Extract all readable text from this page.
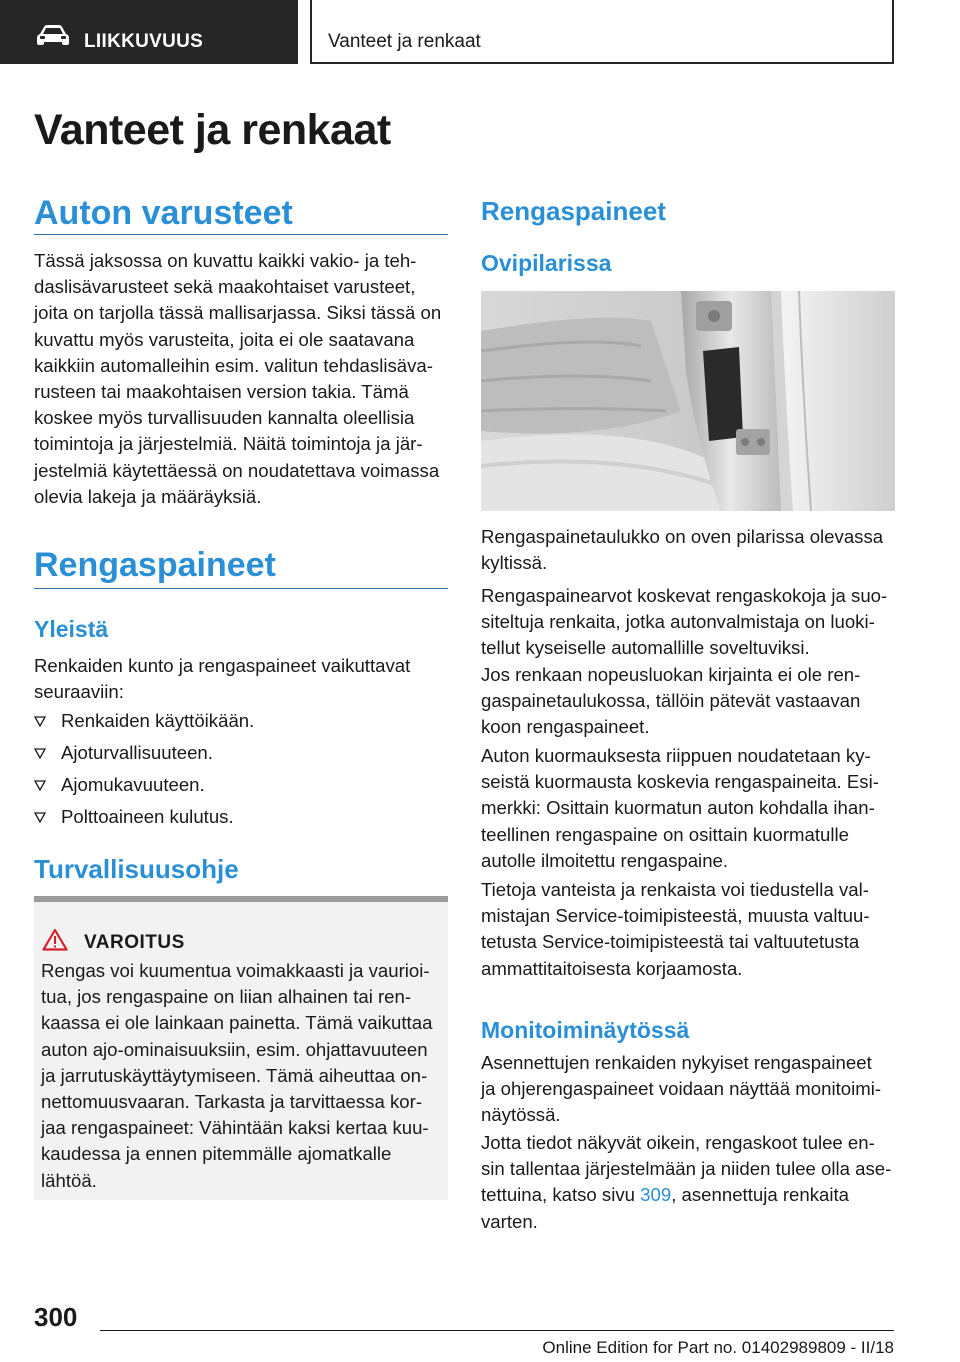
LIIKKUVUUS	Vanteet ja renkaat
Vanteet ja renkaat
Auton varusteet

Tässä jaksossa on kuvattu kaikki vakio- ja teh-
daslisävarusteet sekä maakohtaiset varusteet,
joita on tarjolla tässä mallisarjassa. Siksi tässä on
kuvattu myös varusteita, joita ei ole saatavana
kaikkiin automalleihin esim. valitun tehdaslisäva-
rusteen tai maakohtaisen version takia. Tämä
koskee myös turvallisuuden kannalta oleellisia
toimintoja ja järjestelmiä. Näitä toimintoja ja jär-
jestelmiä käytettäessä on noudatettava voimassa
olevia lakeja ja määräyksiä.

Rengaspaineet
Yleistä

Renkaiden kunto ja rengaspaineet vaikuttavat
seuraaviin:

Renkaiden käyttöikään.
Ajoturvallisuuteen.
Ajomukavuuteen.
Polttoaineen kulutus.
Turvallisuusohje
VAROITUS

Rengas voi kuumentua voimakkaasti ja vaurioi-
tua, jos rengaspaine on liian alhainen tai ren-
kaassa ei ole lainkaan painetta. Tämä vaikuttaa
auton ajo-ominaisuuksiin, esim. ohjattavuuteen
ja jarrutuskäyttäytymiseen. Tämä aiheuttaa on-
nettomuusvaaran. Tarkasta ja tarvittaessa kor-
jaa rengaspaineet: Vähintään kaksi kertaa kuu-
kaudessa ja ennen pitemmälle ajomatkalle
lähtöä.

Rengaspaineet
Ovipilarissa

Rengaspainetaulukko on oven pilarissa olevassa
kyltissä.

Rengaspainearvot koskevat rengaskokoja ja suo-
siteltuja renkaita, jotka autonvalmistaja on luoki-
tellut kyseiselle automallille soveltuviksi.

Jos renkaan nopeusluokan kirjainta ei ole ren-
gaspainetaulukossa, tällöin pätevät vastaavan
koon rengaspaineet.

Auton kuormauksesta riippuen noudatetaan ky-
seistä kuormausta koskevia rengaspaineita. Esi-
merkki: Osittain kuormatun auton kohdalla ihan-
teellinen rengaspaine on osittain kuormatulle
autolle ilmoitettu rengaspaine.

Tietoja vanteista ja renkaista voi tiedustella val-
mistajan Service-toimipisteestä, muusta valtuu-
tetusta Service-toimipisteestä tai valtuutetusta
ammattitaitoisesta korjaamosta.

Monitoiminäytössä

Asennettujen renkaiden nykyiset rengaspaineet
ja ohjerengaspaineet voidaan näyttää monitoimi-
näytössä.

Jotta tiedot näkyvät oikein, rengaskoot tulee en-
sin tallentaa järjestelmään ja niiden tulee olla ase-
tettuina, katso sivu 309, asennettuja renkaita
varten.

300
Online Edition for Part no. 01402989809 - II/18
